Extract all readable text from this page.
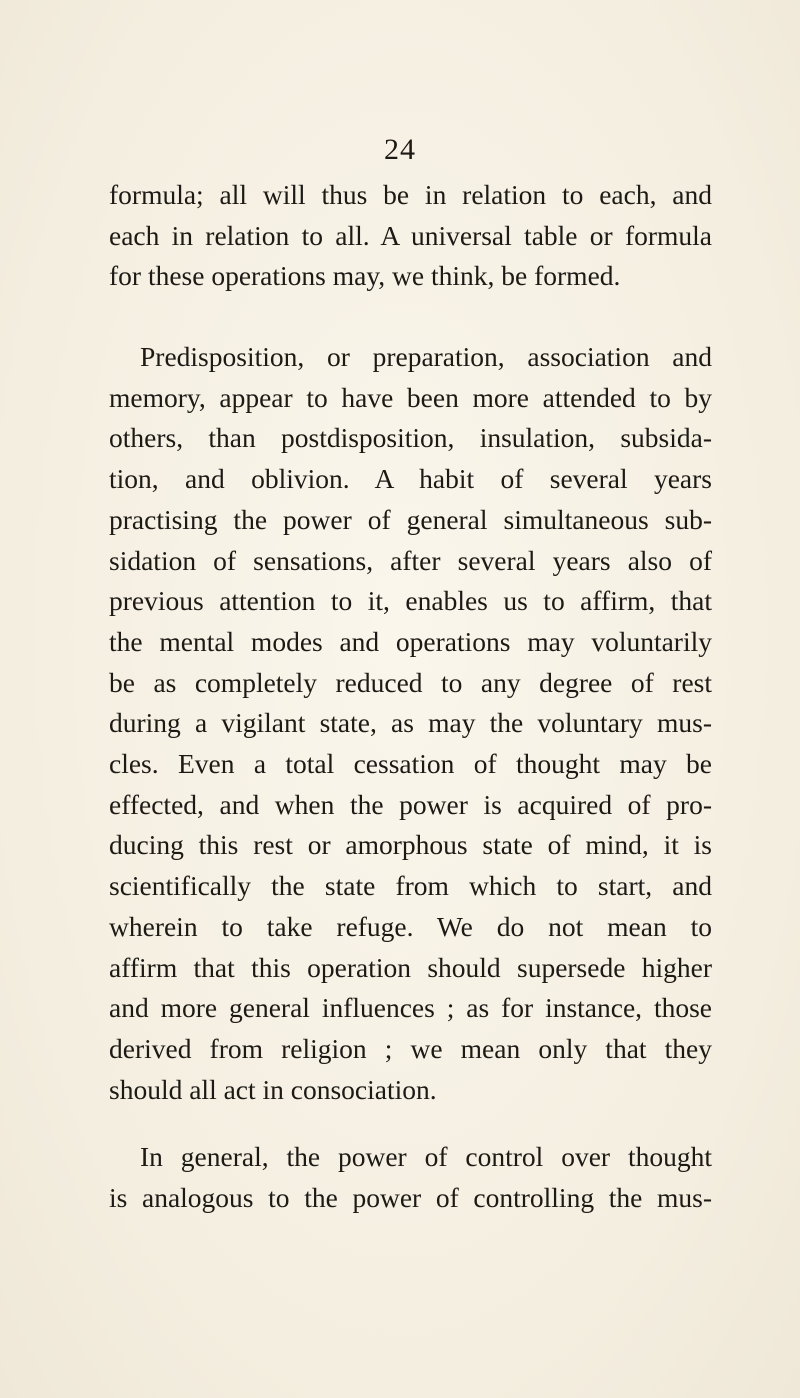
24
formula; all will thus be in relation to each, and
each in relation to all. A universal table or formula
for these operations may, we think, be formed.
Predisposition, or preparation, association and
memory, appear to have been more attended to by
others, than postdisposition, insulation, subsida-
tion, and oblivion. A habit of several years
practising the power of general simultaneous sub-
sidation of sensations, after several years also of
previous attention to it, enables us to affirm, that
the mental modes and operations may voluntarily
be as completely reduced to any degree of rest
during a vigilant state, as may the voluntary mus-
cles. Even a total cessation of thought may be
effected, and when the power is acquired of pro-
ducing this rest or amorphous state of mind, it is
scientifically the state from which to start, and
wherein to take refuge. We do not mean to
affirm that this operation should supersede higher
and more general influences ; as for instance, those
derived from religion ; we mean only that they
should all act in consociation.
In general, the power of control over thought
is analogous to the power of controlling the mus-
